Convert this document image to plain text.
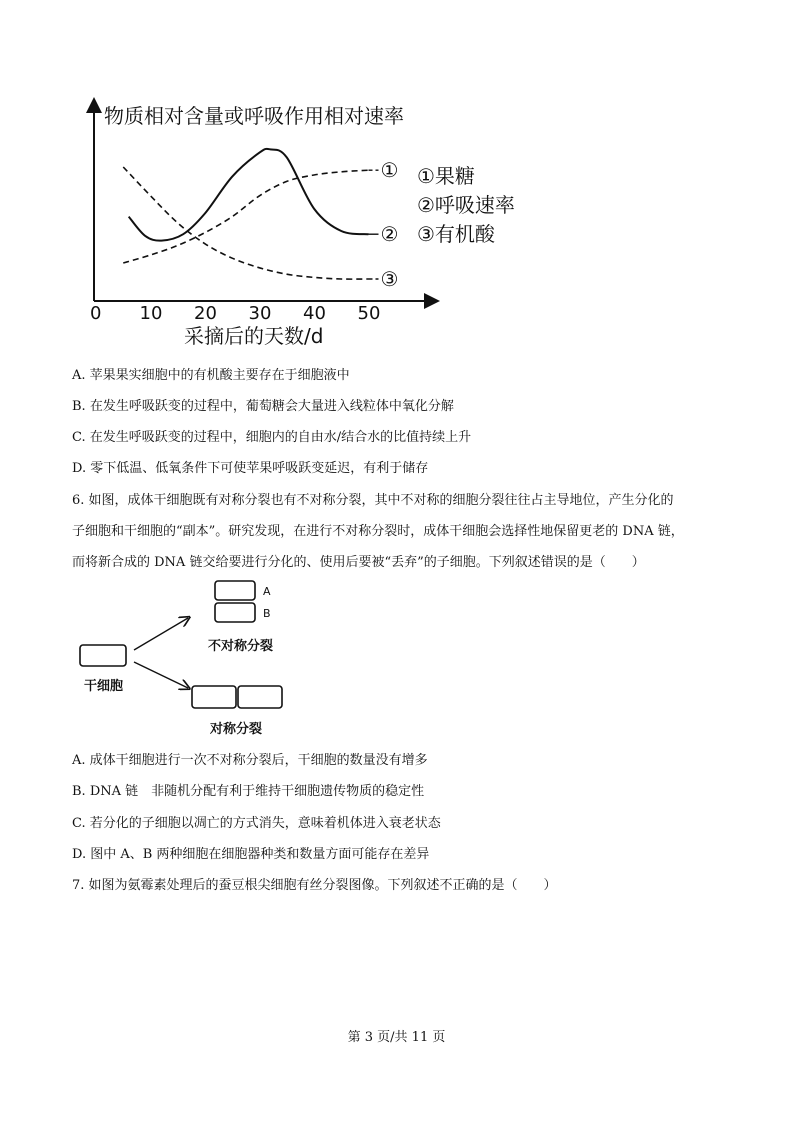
物质相对含量或呼吸作用相对速率
采摘后的天数/d
0 10 20 30 40 50
①
②
③
①果糖
②呼吸速率
③有机酸
A. 苹果果实细胞中的有机酸主要存在于细胞液中
B. 在发生呼吸跃变的过程中，葡萄糖会大量进入线粒体中氧化分解
C. 在发生呼吸跃变的过程中，细胞内的自由水/结合水的比值持续上升
D. 零下低温、低氧条件下可使苹果呼吸跃变延迟，有利于储存
6. 如图，成体干细胞既有对称分裂也有不对称分裂，其中不对称的细胞分裂往往占主导地位，产生分化的
子细胞和干细胞的“副本”。研究发现，在进行不对称分裂时，成体干细胞会选择性地保留更老的 DNA 链，
而将新合成的 DNA 链交给要进行分化的、使用后要被“丢弃”的子细胞。下列叙述错误的是（　　）
干细胞
A
B
不对称分裂
对称分裂
A. 成体干细胞进行一次不对称分裂后，干细胞的数量没有增多
B. DNA 链　非随机分配有利于维持干细胞遗传物质的稳定性
C. 若分化的子细胞以凋亡的方式消失，意味着机体进入衰老状态
D. 图中 A、B 两种细胞在细胞器种类和数量方面可能存在差异
7. 如图为氨霉素处理后的蚕豆根尖细胞有丝分裂图像。下列叙述不正确的是（　　）
第 3 页/共 11 页
